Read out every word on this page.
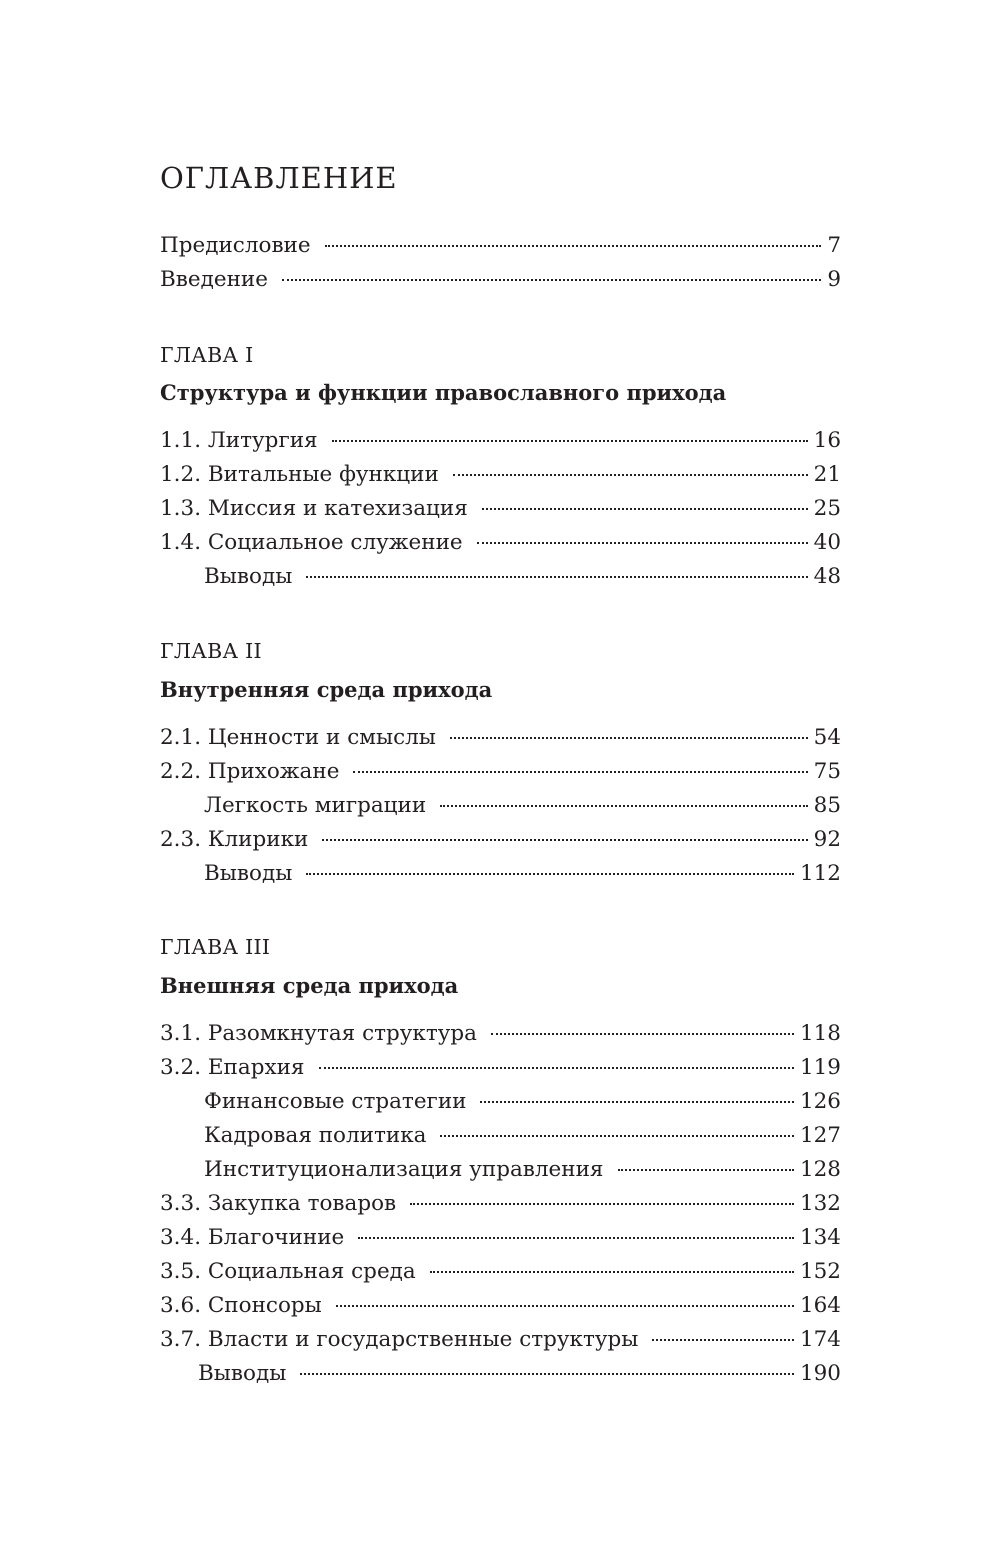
ОГЛАВЛЕНИЕ
Предисловие	7
Введение	9
ГЛАВА I
Структура и функции православного прихода
1.1. Литургия	16
1.2. Витальные функции	21
1.3. Миссия и катехизация	25
1.4. Социальное служение	40
Выводы	48
ГЛАВА II
Внутренняя среда прихода
2.1. Ценности и смыслы	54
2.2. Прихожане	75
Легкость миграции	85
2.3. Клирики	92
Выводы	112
ГЛАВА III
Внешняя среда прихода
3.1. Разомкнутая структура	118
3.2. Епархия	119
Финансовые стратегии	126
Кадровая политика	127
Институционализация управления	128
3.3. Закупка товаров	132
3.4. Благочиние	134
3.5. Социальная среда	152
3.6. Спонсоры	164
3.7. Власти и государственные структуры	174
Выводы	190
